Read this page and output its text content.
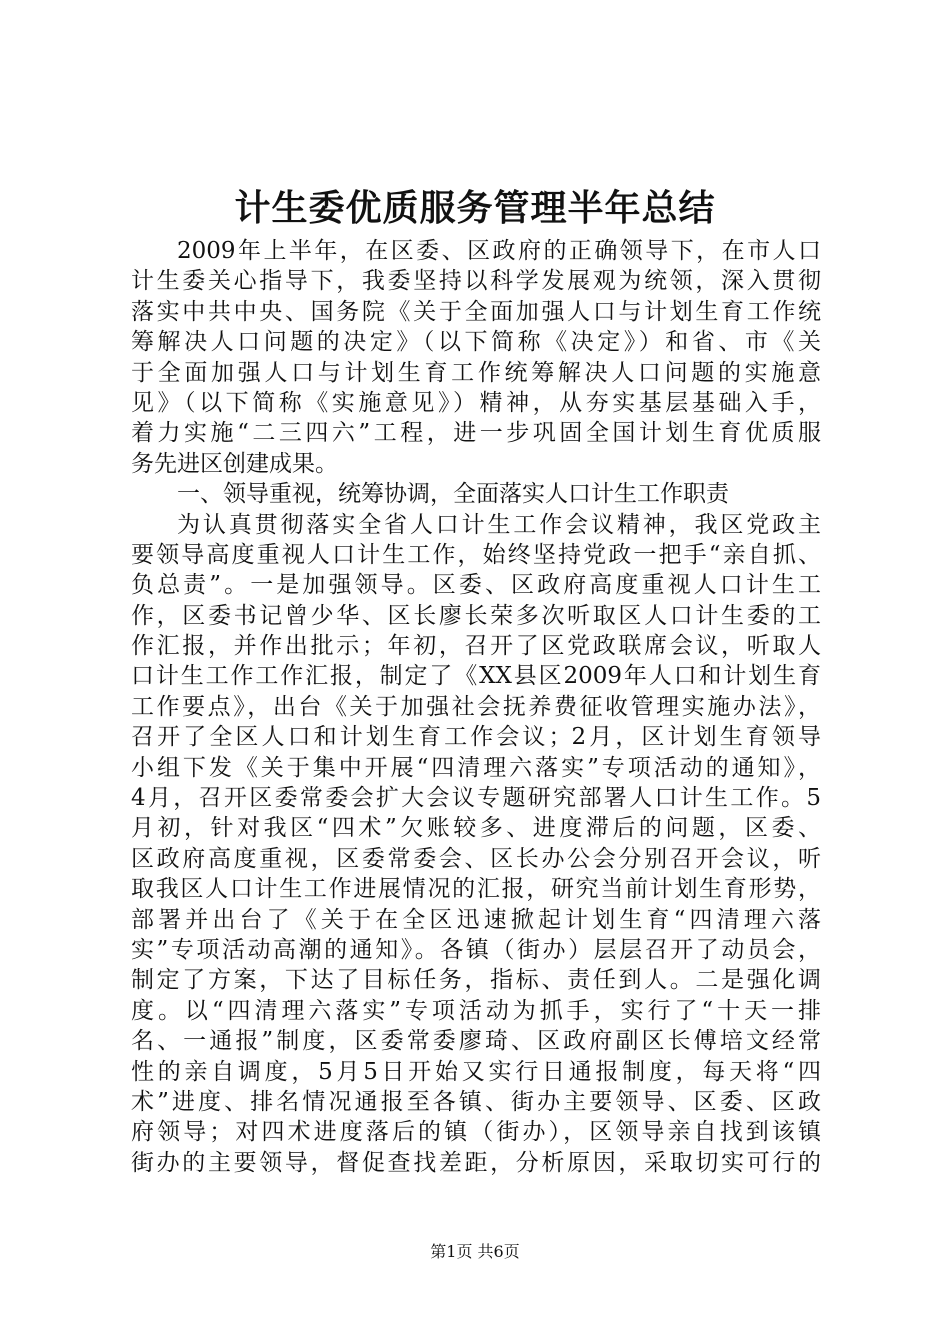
计生委优质服务管理半年总结
2009年上半年，在区委、区政府的正确领导下，在市人口
计生委关心指导下，我委坚持以科学发展观为统领，深入贯彻
落实中共中央、国务院《关于全面加强人口与计划生育工作统
筹解决人口问题的决定》（以下简称《决定》）和省、市《关
于全面加强人口与计划生育工作统筹解决人口问题的实施意
见》（以下简称《实施意见》）精神，从夯实基层基础入手，
着力实施“二三四六”工程，进一步巩固全国计划生育优质服
务先进区创建成果。
一、领导重视，统筹协调，全面落实人口计生工作职责
为认真贯彻落实全省人口计生工作会议精神，我区党政主
要领导高度重视人口计生工作，始终坚持党政一把手“亲自抓、
负总责”。一是加强领导。区委、区政府高度重视人口计生工
作，区委书记曾少华、区长廖长荣多次听取区人口计生委的工
作汇报，并作出批示；年初，召开了区党政联席会议，听取人
口计生工作工作汇报，制定了《XX县区2009年人口和计划生育
工作要点》，出台《关于加强社会抚养费征收管理实施办法》，
召开了全区人口和计划生育工作会议；2月，区计划生育领导
小组下发《关于集中开展“四清理六落实”专项活动的通知》，
4月，召开区委常委会扩大会议专题研究部署人口计生工作。5
月初，针对我区“四术”欠账较多、进度滞后的问题，区委、
区政府高度重视，区委常委会、区长办公会分别召开会议，听
取我区人口计生工作进展情况的汇报，研究当前计划生育形势，
部署并出台了《关于在全区迅速掀起计划生育“四清理六落
实”专项活动高潮的通知》。各镇（街办）层层召开了动员会，
制定了方案，下达了目标任务，指标、责任到人。二是强化调
度。以“四清理六落实”专项活动为抓手，实行了“十天一排
名、一通报”制度，区委常委廖琦、区政府副区长傅培文经常
性的亲自调度，5月5日开始又实行日通报制度，每天将“四
术”进度、排名情况通报至各镇、街办主要领导、区委、区政
府领导；对四术进度落后的镇（街办），区领导亲自找到该镇
街办的主要领导，督促查找差距，分析原因，采取切实可行的
第1页 共6页
